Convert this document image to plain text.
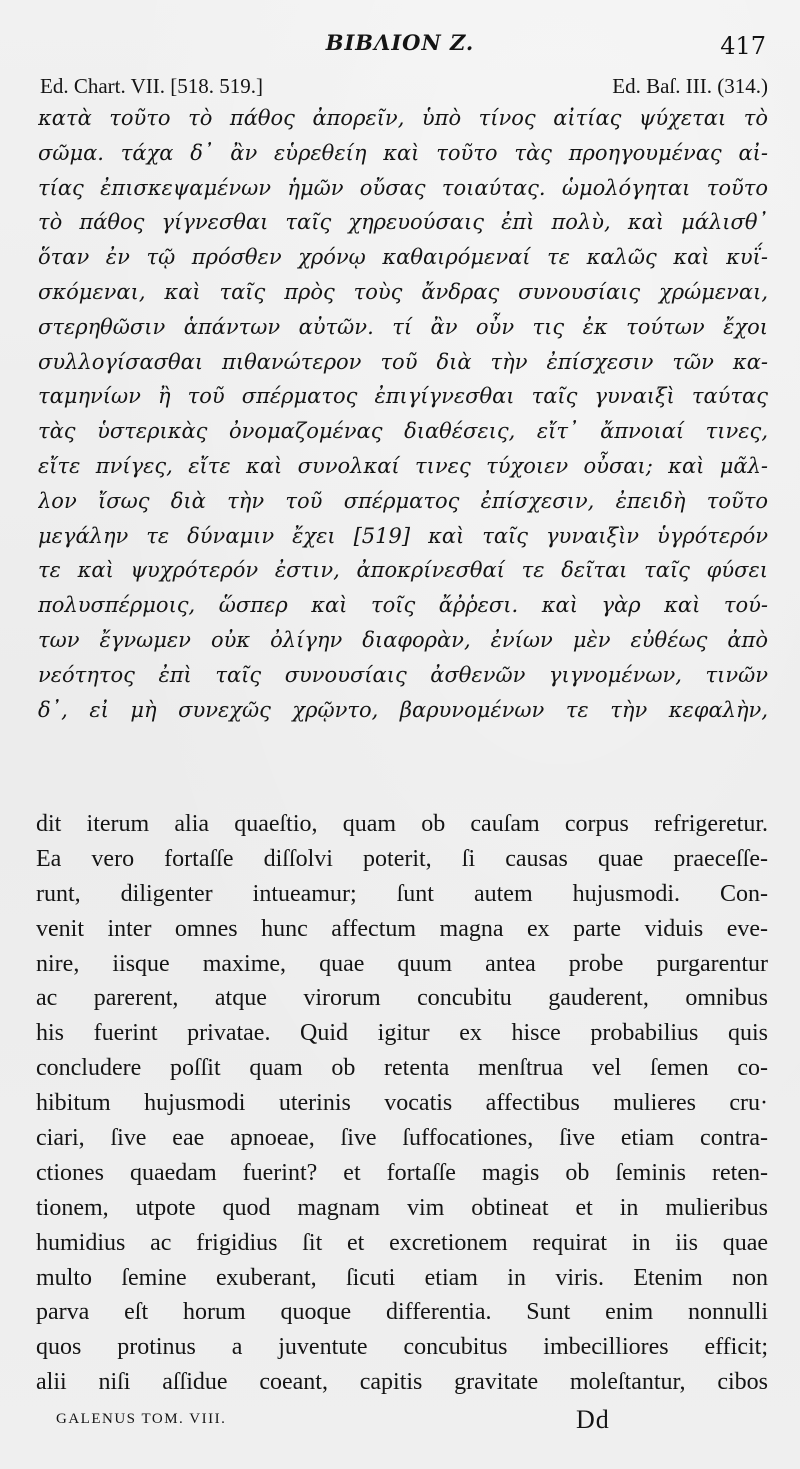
BIBΛION Z.	417
Ed. Chart. VII. [518. 519.]	Ed. Baſ. III. (314.)
κατὰ τοῦτο τὸ πάθος ἀπορεῖν, ὑπὸ τίνος αἰτίας ψύχεται τὸ
σῶμα. τάχα δ᾽ ἂν εὑρεθείη καὶ τοῦτο τὰς προηγουμένας αἰ-
τίας ἐπισκεψαμένων ἡμῶν οὔσας τοιαύτας. ὡμολόγηται τοῦτο
τὸ πάθος γίγνεσθαι ταῖς χηρευούσαις ἐπὶ πολὺ, καὶ μάλισθ᾽
ὅταν ἐν τῷ πρόσθεν χρόνῳ καθαιρόμεναί τε καλῶς καὶ κυΐ-
σκόμεναι, καὶ ταῖς πρὸς τοὺς ἄνδρας συνουσίαις χρώμεναι,
στερηθῶσιν ἁπάντων αὐτῶν. τί ἂν οὖν τις ἐκ τούτων ἔχοι
συλλογίσασθαι πιθανώτερον τοῦ διὰ τὴν ἐπίσχεσιν τῶν κα-
ταμηνίων ἢ τοῦ σπέρματος ἐπιγίγνεσθαι ταῖς γυναιξὶ ταύτας
τὰς ὑστερικὰς ὀνομαζομένας διαθέσεις, εἴτ᾽ ἄπνοιαί τινες,
εἴτε πνίγες, εἴτε καὶ συνολκαί τινες τύχοιεν οὖσαι; καὶ μᾶλ-
λον ἴσως διὰ τὴν τοῦ σπέρματος ἐπίσχεσιν, ἐπειδὴ τοῦτο
μεγάλην τε δύναμιν ἔχει [519] καὶ ταῖς γυναιξὶν ὑγρότερόν
τε καὶ ψυχρότερόν ἐστιν, ἀποκρίνεσθαί τε δεῖται ταῖς φύσει
πολυσπέρμοις, ὥσπερ καὶ τοῖς ἄῤῥεσι. καὶ γὰρ καὶ τού-
των ἔγνωμεν οὐκ ὀλίγην διαφορὰν, ἐνίων μὲν εὐθέως ἀπὸ
νεότητος ἐπὶ ταῖς συνουσίαις ἀσθενῶν γιγνομένων, τινῶν
δ᾽, εἰ μὴ συνεχῶς χρῷντο, βαρυνομένων τε τὴν κεφαλὴν,
dit iterum alia quaeſtio, quam ob cauſam corpus refrigeretur.
Ea vero fortaſſe diſſolvi poterit, ſi causas quae praeceſſe-
runt, diligenter intueamur; ſunt autem hujusmodi. Con-
venit inter omnes hunc affectum magna ex parte viduis eve-
nire, iisque maxime, quae quum antea probe purgarentur
ac parerent, atque virorum concubitu gauderent, omnibus
his fuerint privatae. Quid igitur ex hisce probabilius quis
concludere poſſit quam ob retenta menſtrua vel ſemen co-
hibitum hujusmodi uterinis vocatis affectibus mulieres cru·
ciari, ſive eae apnoeae, ſive ſuffocationes, ſive etiam contra-
ctiones quaedam fuerint? et fortaſſe magis ob ſeminis reten-
tionem, utpote quod magnam vim obtineat et in mulieribus
humidius ac frigidius ſit et excretionem requirat in iis quae
multo ſemine exuberant, ſicuti etiam in viris. Etenim non
parva eſt horum quoque differentia. Sunt enim nonnulli
quos protinus a juventute concubitus imbecilliores efficit;
alii niſi aſſidue coeant, capitis gravitate moleſtantur, cibos
GALENUS TOM. VIII.	Dd
